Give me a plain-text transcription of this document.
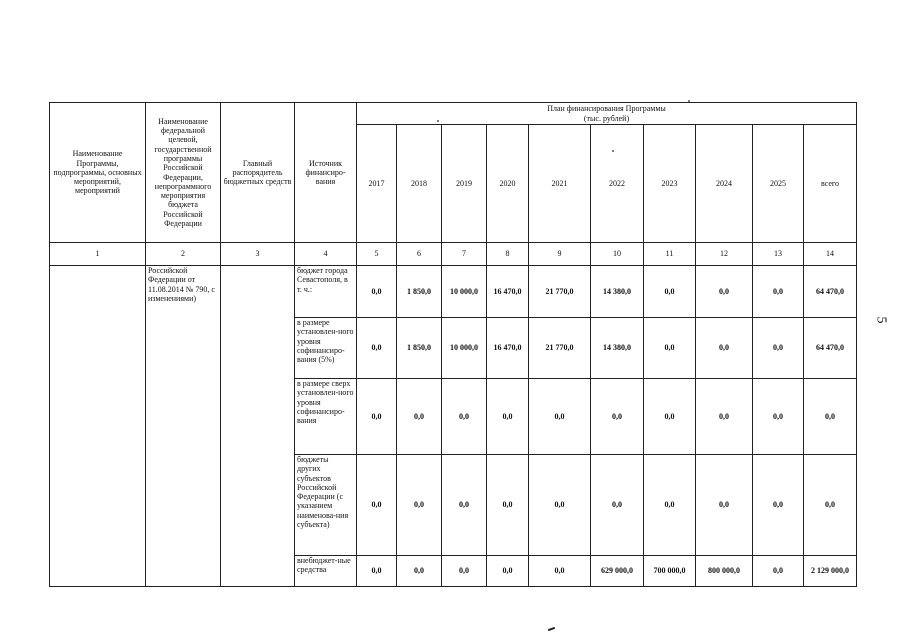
Наименование Программы, подпрограммы, основных мероприятий, мероприятий	Наименование федеральной целевой, государственной программы Российской Федерации, непрограммного мероприятия бюджета Российской Федерации	Главный распорядитель бюджетных средств	Источник финансиро-вания	План финансирования Программы
(тыс. рублей)									

				2017	2018	2019	2020	2021	2022	2023	2024	2025	всего
1	2	3	4	5	6	7	8	9	10	11	12	13	14
	Российской Федерации от 11.08.2014 № 790, с изменениями)		бюджет города Севастополя, в т. ч.:	0,0	1 850,0	10 000,0	16 470,0	21 770,0	14 380,0	0,0	0,0	0,0	64 470,0
			в размере установлен-ного уровня софинансиро-вания (5%)	0,0	1 850,0	10 000,0	16 470,0	21 770,0	14 380,0	0,0	0,0	0,0	64 470,0
			в размере сверх установлен-ного уровня софинансиро-вания	0,0	0,0	0,0	0,0	0,0	0,0	0,0	0,0	0,0	0,0
			бюджеты других субъектов Российской Федерации (с указанием наименова-ния субъекта)	0,0	0,0	0,0	0,0	0,0	0,0	0,0	0,0	0,0	0,0
			внебюджет-ные средства	0,0	0,0	0,0	0,0	0,0	629 000,0	700 000,0	800 000,0	0,0	2 129 000,0
5
